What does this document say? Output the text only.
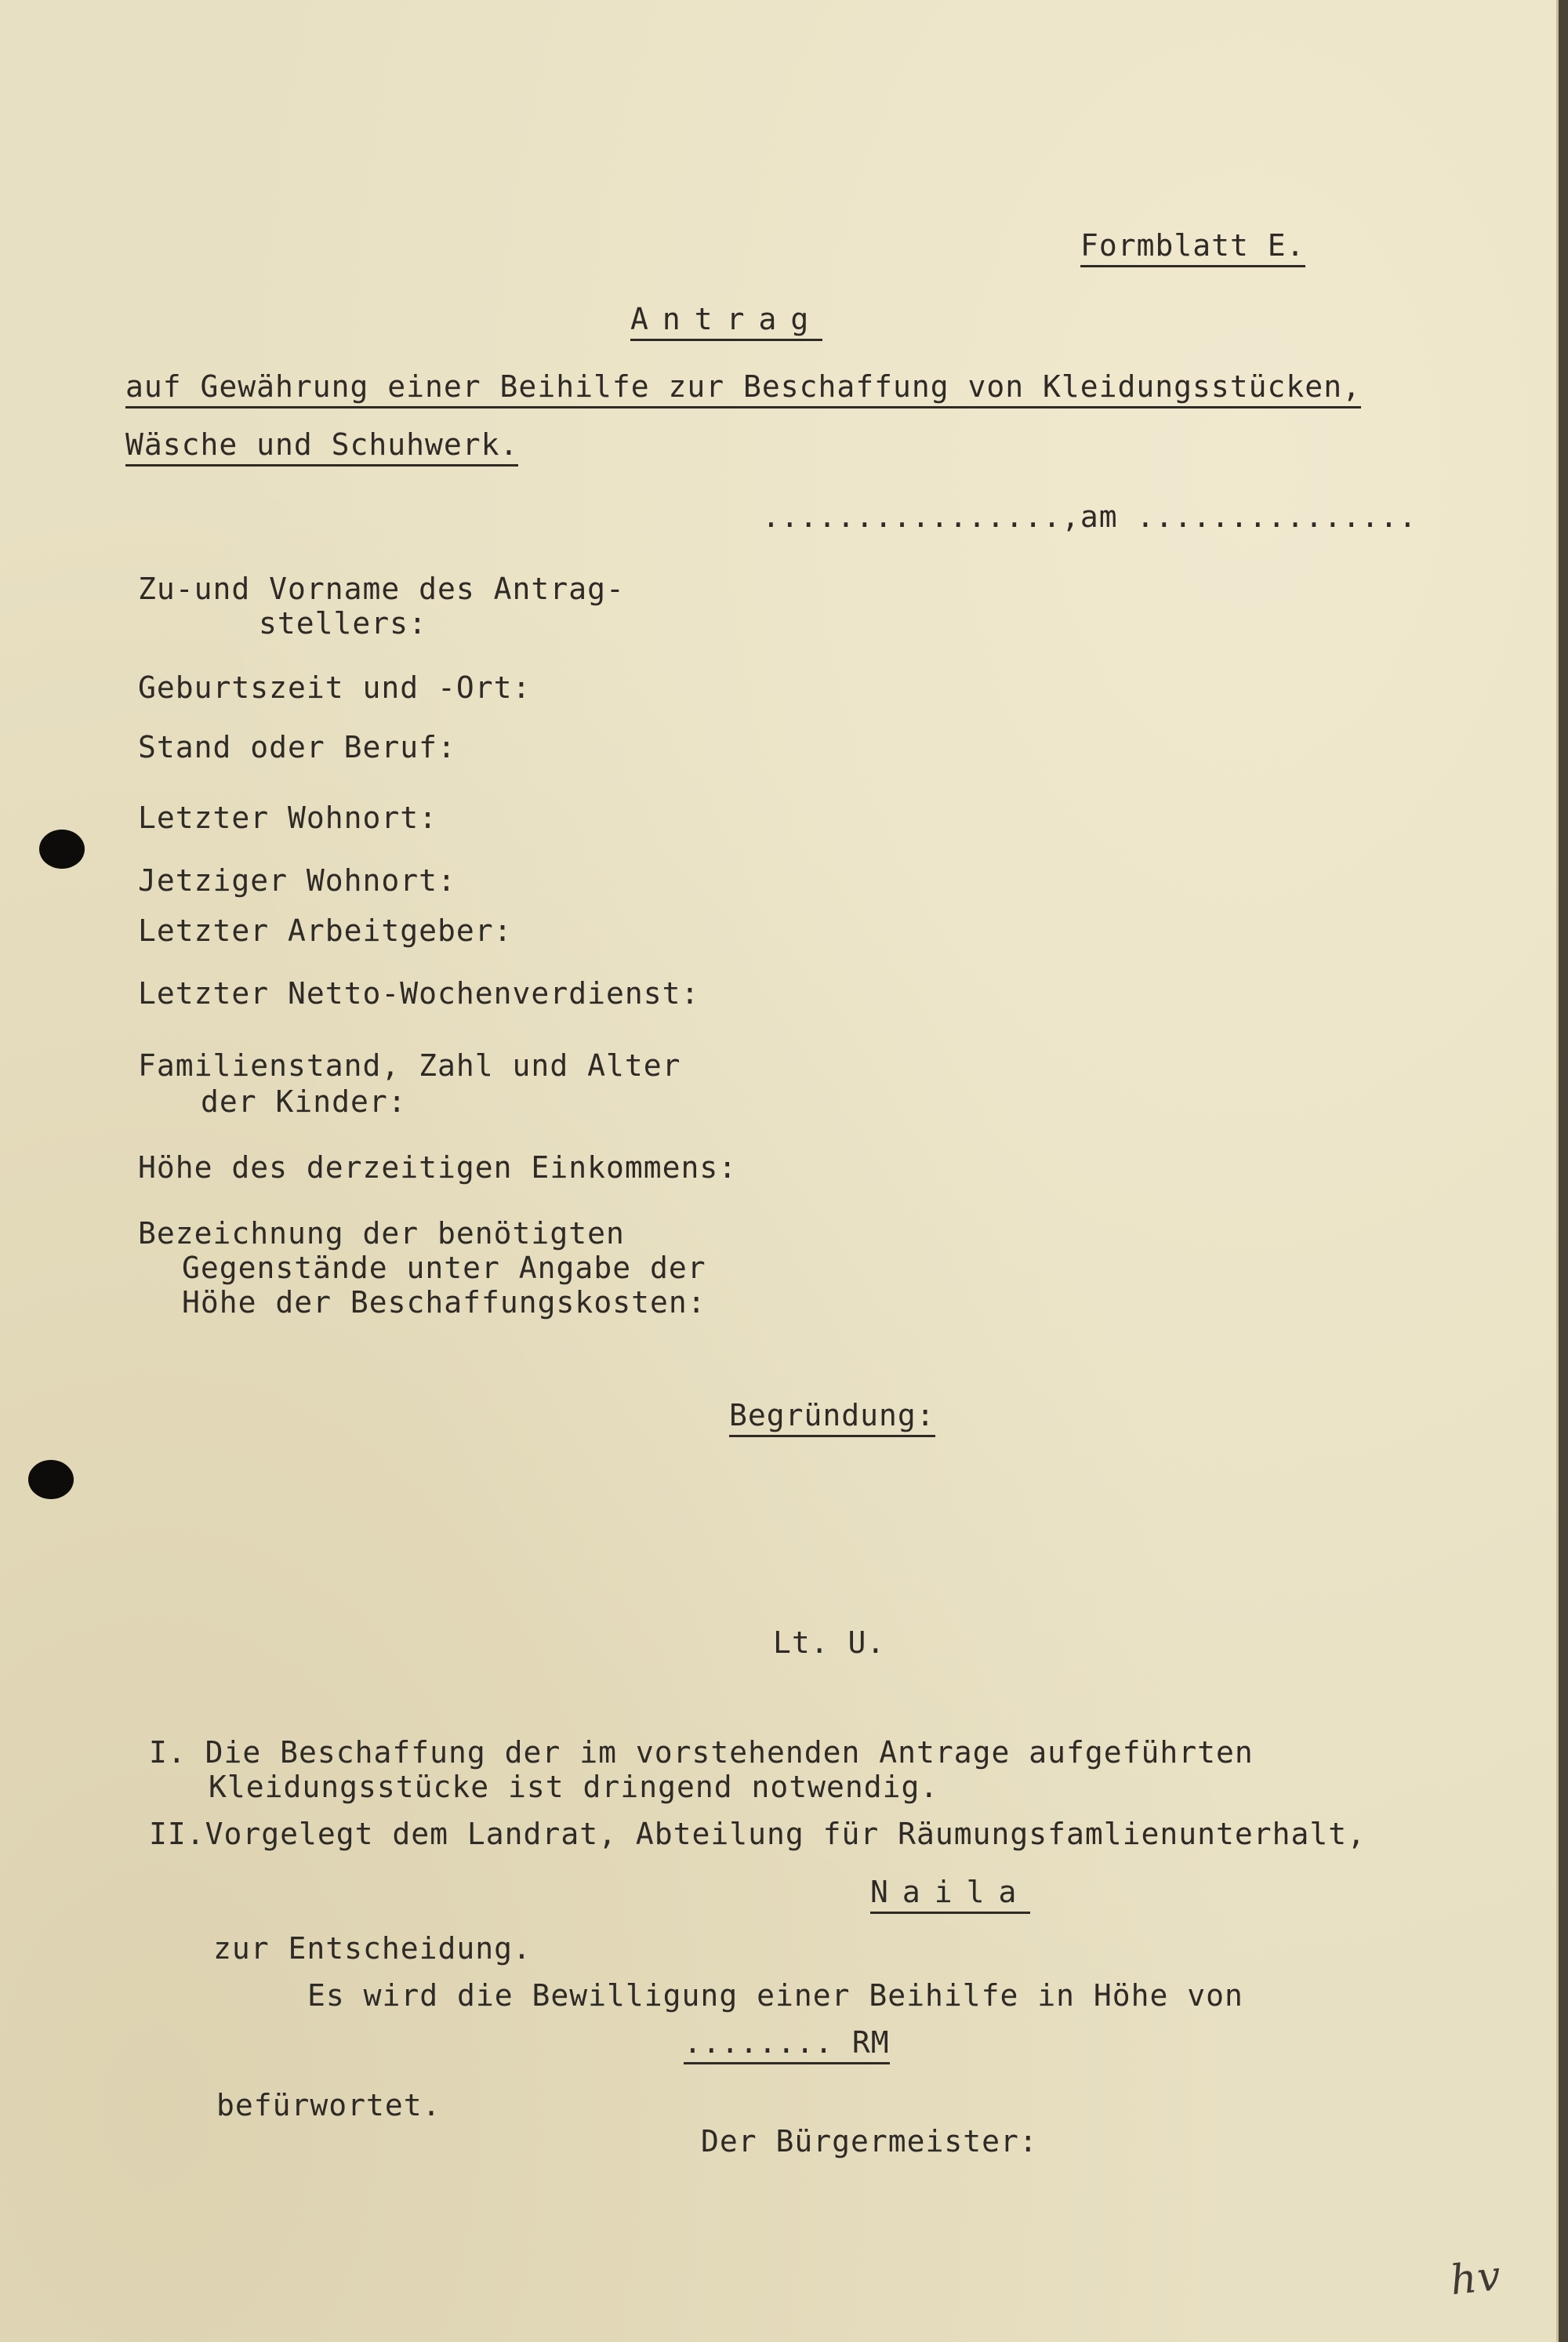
Formblatt E.
Antrag
auf Gewährung einer Beihilfe zur Beschaffung von Kleidungsstücken,
Wäsche und Schuhwerk.
................,am ...............
Zu-und Vorname des Antrag-
stellers:
Geburtszeit und -Ort:
Stand oder Beruf:
Letzter Wohnort:
Jetziger Wohnort:
Letzter Arbeitgeber:
Letzter Netto-Wochenverdienst:
Familienstand, Zahl und Alter
der Kinder:
Höhe des derzeitigen Einkommens:
Bezeichnung der benötigten
Gegenstände unter Angabe der
Höhe der Beschaffungskosten:
Begründung:
Lt. U.
I. Die Beschaffung der im vorstehenden Antrage aufgeführten
Kleidungsstücke ist dringend notwendig.
II.Vorgelegt dem Landrat, Abteilung für Räumungsfamlienunterhalt,
Naila
zur Entscheidung.
Es wird die Bewilligung einer Beihilfe in Höhe von
........ RM
befürwortet.
Der Bürgermeister:
hv
